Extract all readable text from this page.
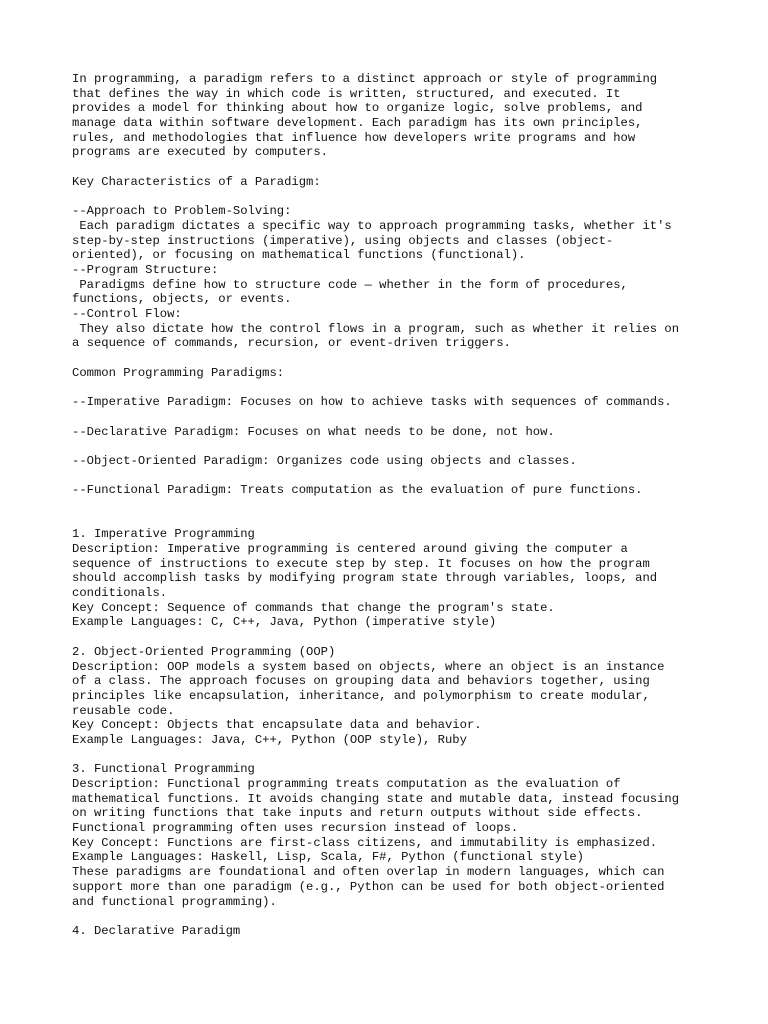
In programming, a paradigm refers to a distinct approach or style of programming
that defines the way in which code is written, structured, and executed. It
provides a model for thinking about how to organize logic, solve problems, and
manage data within software development. Each paradigm has its own principles,
rules, and methodologies that influence how developers write programs and how
programs are executed by computers.
Key Characteristics of a Paradigm:
--Approach to Problem-Solving:
Each paradigm dictates a specific way to approach programming tasks, whether it's
step-by-step instructions (imperative), using objects and classes (object-
oriented), or focusing on mathematical functions (functional).
--Program Structure:
Paradigms define how to structure code — whether in the form of procedures,
functions, objects, or events.
--Control Flow:
They also dictate how the control flows in a program, such as whether it relies on
a sequence of commands, recursion, or event-driven triggers.
Common Programming Paradigms:
--Imperative Paradigm: Focuses on how to achieve tasks with sequences of commands.
--Declarative Paradigm: Focuses on what needs to be done, not how.
--Object-Oriented Paradigm: Organizes code using objects and classes.
--Functional Paradigm: Treats computation as the evaluation of pure functions.
1. Imperative Programming
Description: Imperative programming is centered around giving the computer a
sequence of instructions to execute step by step. It focuses on how the program
should accomplish tasks by modifying program state through variables, loops, and
conditionals.
Key Concept: Sequence of commands that change the program's state.
Example Languages: C, C++, Java, Python (imperative style)
2. Object-Oriented Programming (OOP)
Description: OOP models a system based on objects, where an object is an instance
of a class. The approach focuses on grouping data and behaviors together, using
principles like encapsulation, inheritance, and polymorphism to create modular,
reusable code.
Key Concept: Objects that encapsulate data and behavior.
Example Languages: Java, C++, Python (OOP style), Ruby
3. Functional Programming
Description: Functional programming treats computation as the evaluation of
mathematical functions. It avoids changing state and mutable data, instead focusing
on writing functions that take inputs and return outputs without side effects.
Functional programming often uses recursion instead of loops.
Key Concept: Functions are first-class citizens, and immutability is emphasized.
Example Languages: Haskell, Lisp, Scala, F#, Python (functional style)
These paradigms are foundational and often overlap in modern languages, which can
support more than one paradigm (e.g., Python can be used for both object-oriented
and functional programming).
4. Declarative Paradigm
